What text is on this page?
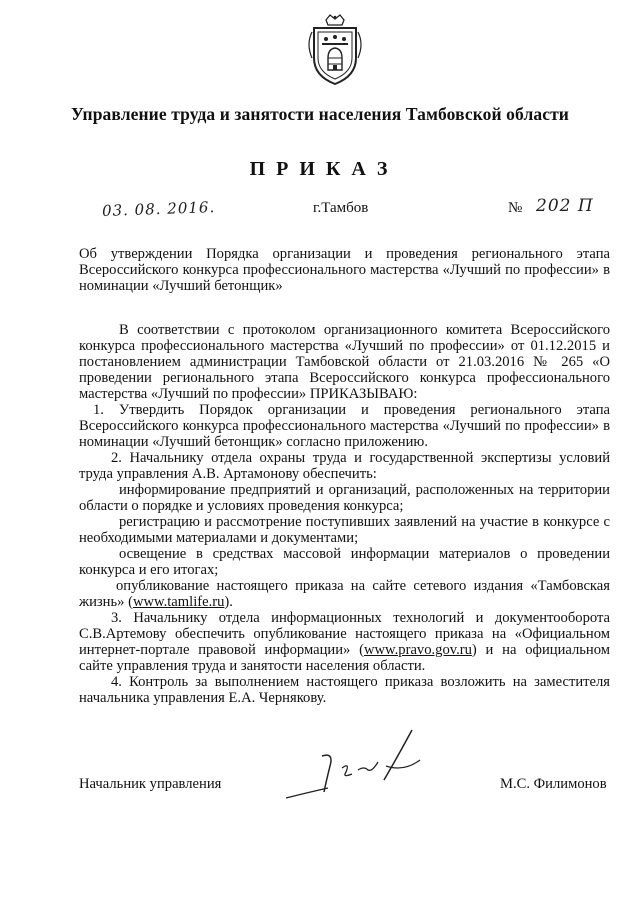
Управление труда и занятости населения Тамбовской области
П Р И К А З
03. 08. 2016.	г.Тамбов	№ 202 П
Об утверждении Порядка организации и проведения регионального этапа Всероссийского конкурса профессионального мастерства «Лучший по профессии» в номинации «Лучший бетонщик»

В соответствии с протоколом организационного комитета Всероссийского конкурса профессионального мастерства «Лучший по профессии» от 01.12.2015 и постановлением администрации Тамбовской области от 21.03.2016 № 265 «О проведении регионального этапа Всероссийского конкурса профессионального мастерства «Лучший по профессии» ПРИКАЗЫВАЮ:

1. Утвердить Порядок организации и проведения регионального этапа Всероссийского конкурса профессионального мастерства «Лучший по профессии» в номинации «Лучший бетонщик» согласно приложению.

2. Начальнику отдела охраны труда и государственной экспертизы условий труда управления А.В. Артамонову обеспечить:

информирование предприятий и организаций, расположенных на территории области о порядке и условиях проведения конкурса;

регистрацию и рассмотрение поступивших заявлений на участие в конкурсе с необходимыми материалами и документами;

освещение в средствах массовой информации материалов о проведении конкурса и его итогах;

опубликование настоящего приказа на сайте сетевого издания «Тамбовская жизнь» (www.tamlife.ru).

3. Начальнику отдела информационных технологий и документооборота С.В.Артемову обеспечить опубликование настоящего приказа на «Официальном интернет-портале правовой информации» (www.pravo.gov.ru) и на официальном сайте управления труда и занятости населения области.

4. Контроль за выполнением настоящего приказа возложить на заместителя начальника управления Е.А. Чернякову.

Начальник управления	М.С. Филимонов
